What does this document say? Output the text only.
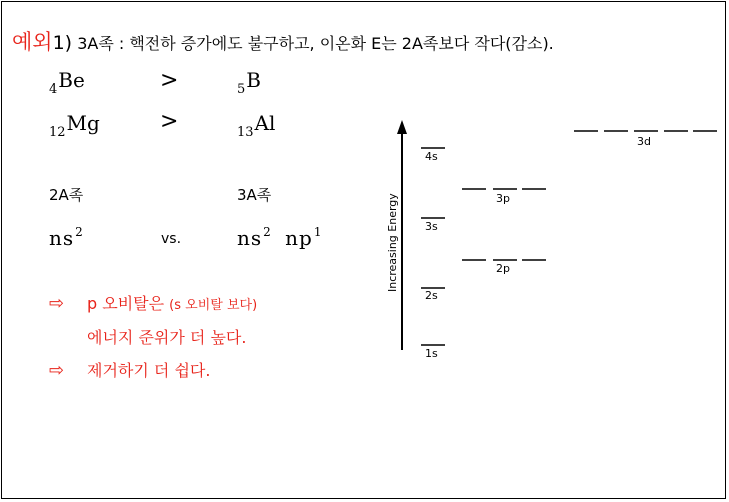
예외1) 3A족 : 핵전하 증가에도 불구하고, 이온화 E는 2A족보다 작다(감소).
$_4$Be	>	$_5$B
$_{12}$Mg	>	$_{13}$Al
2A족	3A족
$ns^2$	vs.	$ns^2$ $np^1$
⇨ p 오비탈은 (s 오비탈 보다)
에너지 준위가 더 높다.
⇨ 제거하기 더 쉽다.
Increasing Energy
1s
2s
3s
4s
2p
3p
3d
